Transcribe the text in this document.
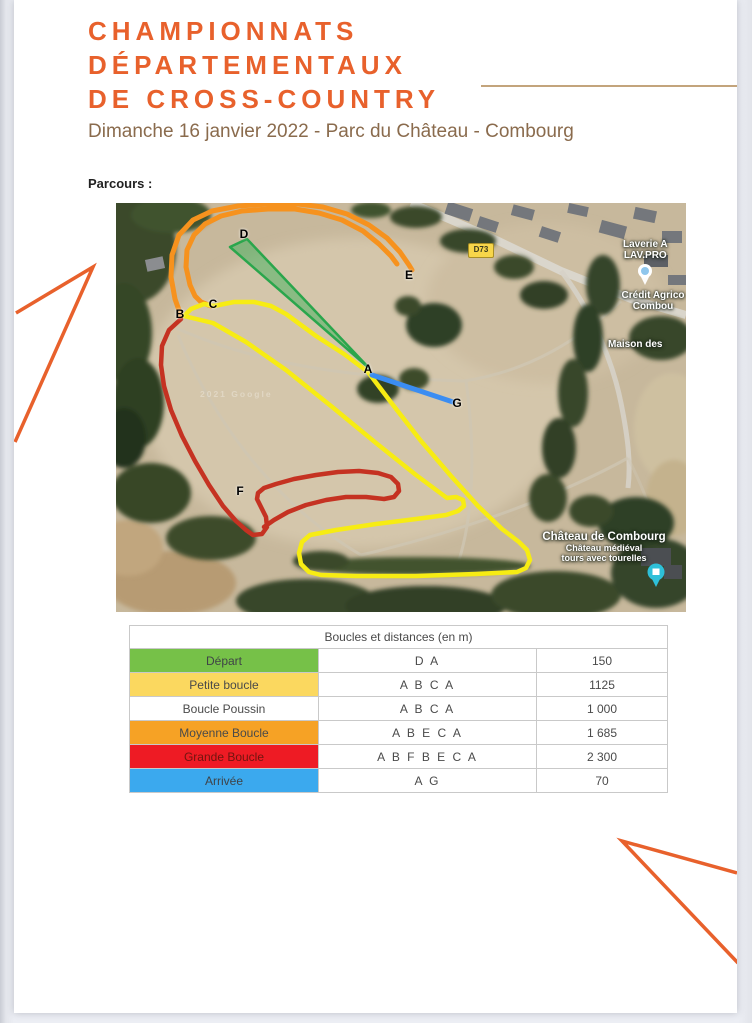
CHAMPIONNATS
DÉPARTEMENTAUX
DE CROSS-COUNTRY
Dimanche 16 janvier 2022 - Parc du Château - Combourg
Parcours :
A
B
C
D
E
F
G
D73	Laverie A
LAV.PRO
Crédit Agrico
Combou
Maison des
Château de Combourg
Château médiéval
tours avec tourelles
2021 Google
Boucles et distances (en m)		

Départ	D A	150

Petite boucle	A B C A	1125

Boucle Poussin	A B C A	1 000

Moyenne Boucle	A B E C A	1 685

Grande Boucle	A B F B E C A	2 300

Arrivée	A G	70
